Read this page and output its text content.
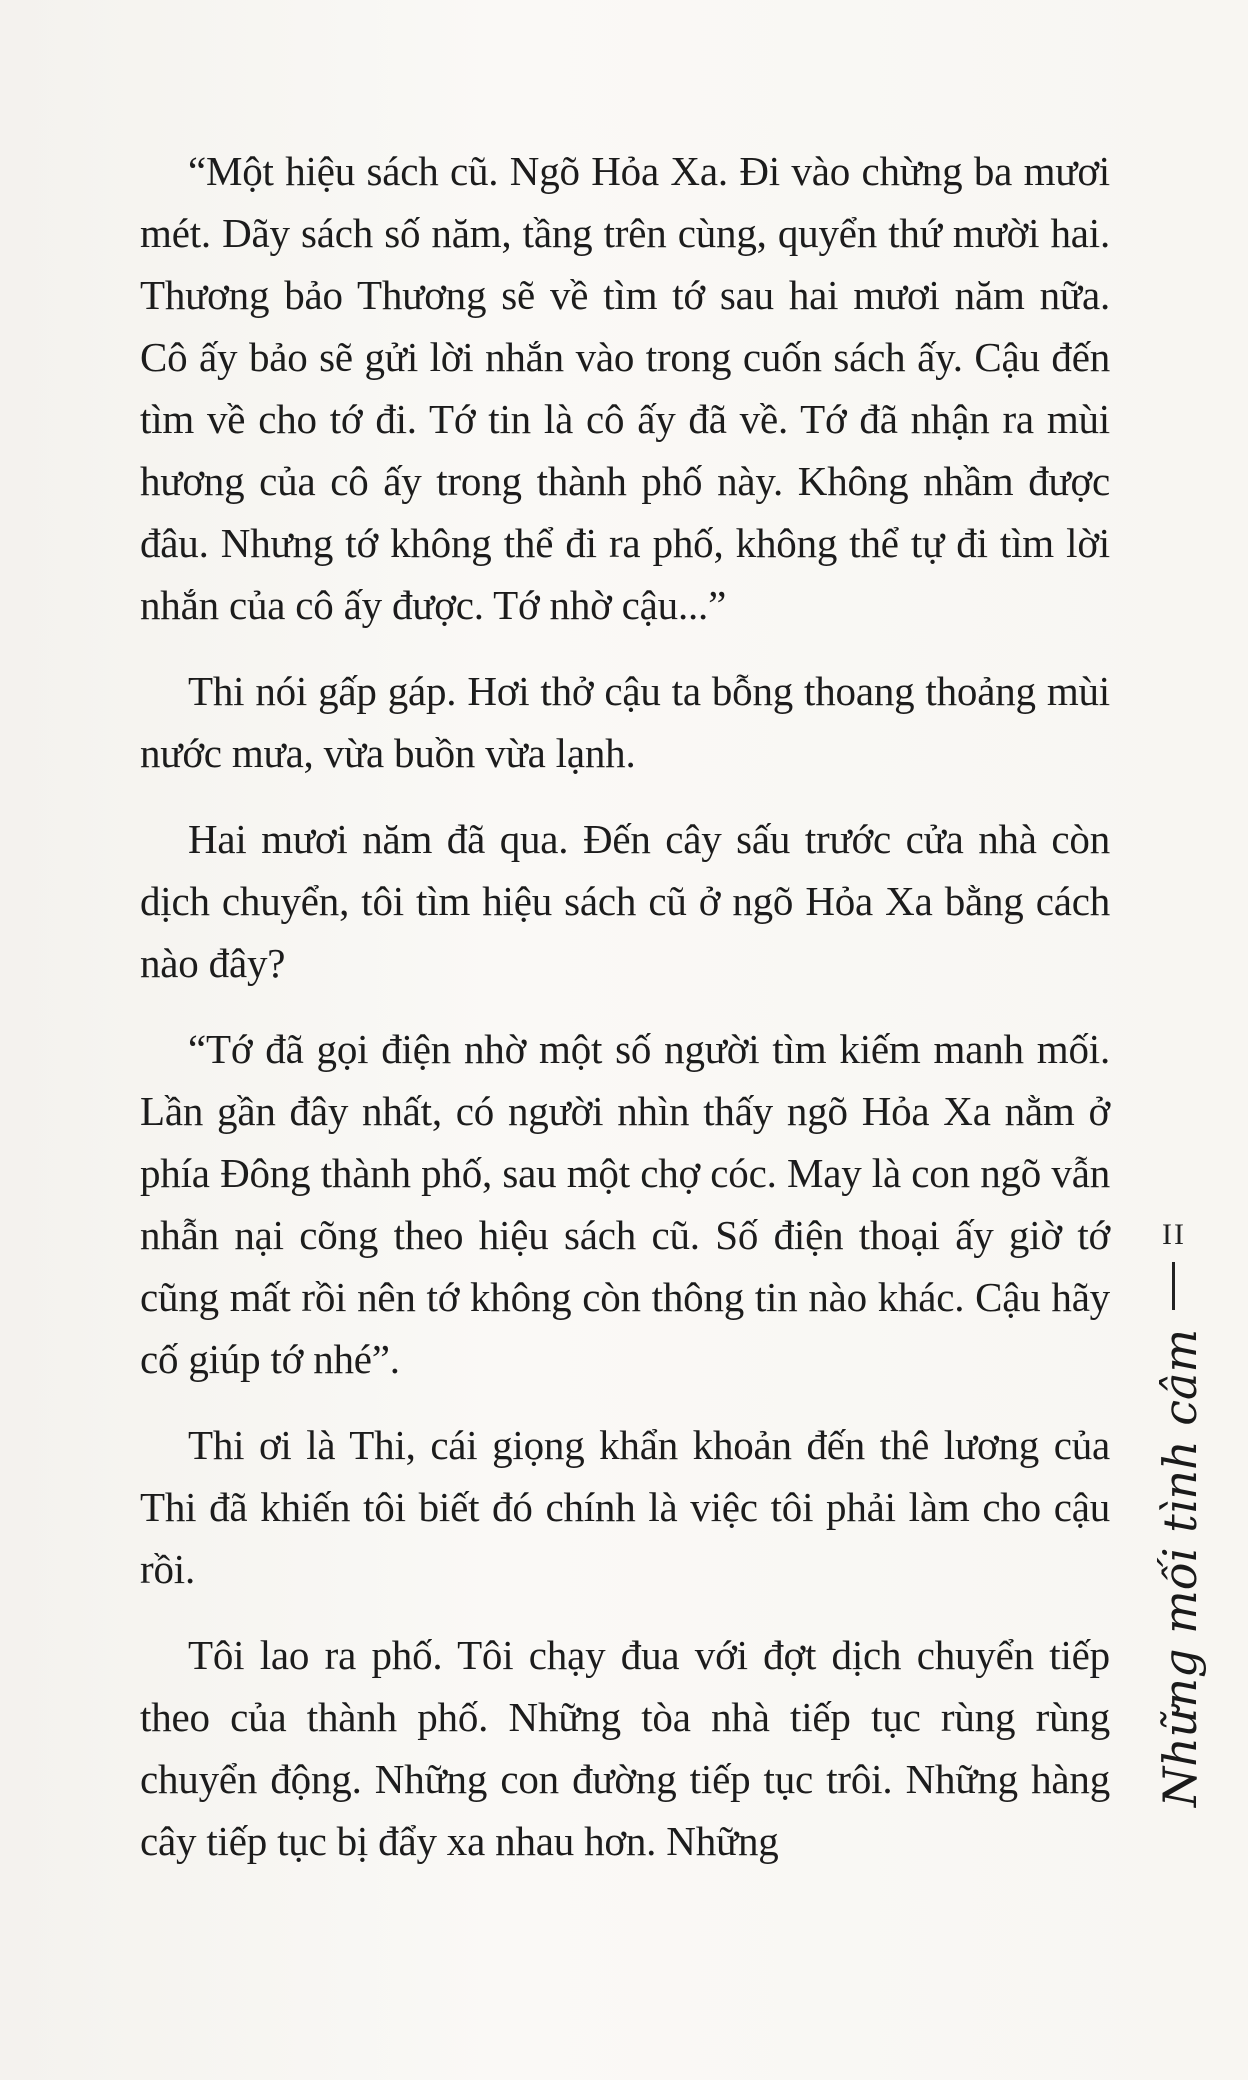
“Một hiệu sách cũ. Ngõ Hỏa Xa. Đi vào chừng ba mươi mét. Dãy sách số năm, tầng trên cùng, quyển thứ mười hai. Thương bảo Thương sẽ về tìm tớ sau hai mươi năm nữa. Cô ấy bảo sẽ gửi lời nhắn vào trong cuốn sách ấy. Cậu đến tìm về cho tớ đi. Tớ tin là cô ấy đã về. Tớ đã nhận ra mùi hương của cô ấy trong thành phố này. Không nhầm được đâu. Nhưng tớ không thể đi ra phố, không thể tự đi tìm lời nhắn của cô ấy được. Tớ nhờ cậu...”

Thi nói gấp gáp. Hơi thở cậu ta bỗng thoang thoảng mùi nước mưa, vừa buồn vừa lạnh.

Hai mươi năm đã qua. Đến cây sấu trước cửa nhà còn dịch chuyển, tôi tìm hiệu sách cũ ở ngõ Hỏa Xa bằng cách nào đây?

“Tớ đã gọi điện nhờ một số người tìm kiếm manh mối. Lần gần đây nhất, có người nhìn thấy ngõ Hỏa Xa nằm ở phía Đông thành phố, sau một chợ cóc. May là con ngõ vẫn nhẫn nại cõng theo hiệu sách cũ. Số điện thoại ấy giờ tớ cũng mất rồi nên tớ không còn thông tin nào khác. Cậu hãy cố giúp tớ nhé”.

Thi ơi là Thi, cái giọng khẩn khoản đến thê lương của Thi đã khiến tôi biết đó chính là việc tôi phải làm cho cậu rồi.

Tôi lao ra phố. Tôi chạy đua với đợt dịch chuyển tiếp theo của thành phố. Những tòa nhà tiếp tục rùng rùng chuyển động. Những con đường tiếp tục trôi. Những hàng cây tiếp tục bị đẩy xa nhau hơn. Những

II
Những mối tình câm
